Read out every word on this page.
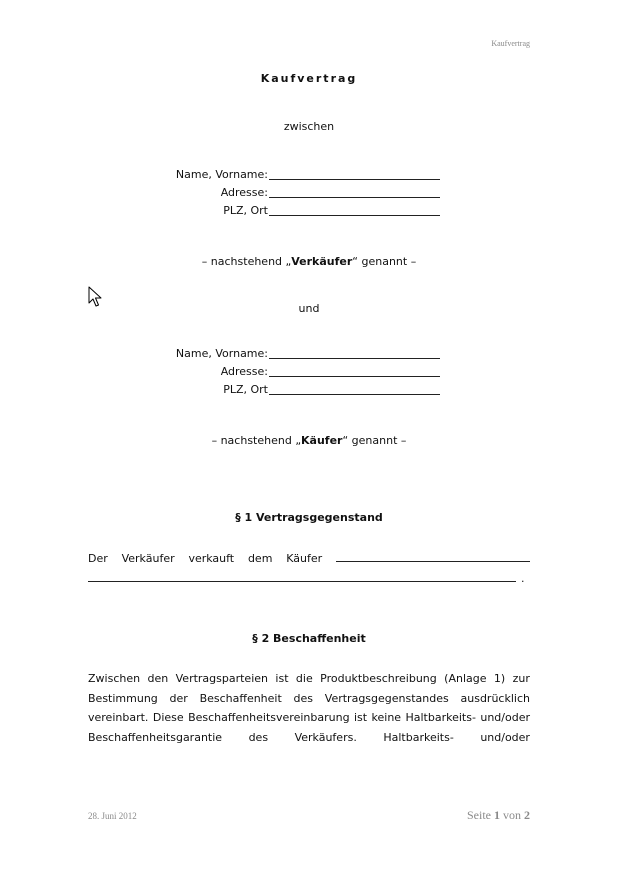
Kaufvertrag
Kaufvertrag
zwischen
Name, Vorname:
Adresse:
PLZ, Ort
– nachstehend „Verkäufer“ genannt –
und
Name, Vorname:
Adresse:
PLZ, Ort
– nachstehend „Käufer“ genannt –
§ 1 Vertragsgegenstand
Der Verkäufer verkauft dem Käufer
.
§ 2 Beschaffenheit
Zwischen den Vertragsparteien ist die Produktbeschreibung (Anlage 1) zur
Bestimmung der Beschaffenheit des Vertragsgegenstandes ausdrücklich
vereinbart. Diese Beschaffenheitsvereinbarung ist keine Haltbarkeits- und/oder
Beschaffenheitsgarantie des Verkäufers. Haltbarkeits- und/oder
28. Juni 2012	Seite 1 von 2
